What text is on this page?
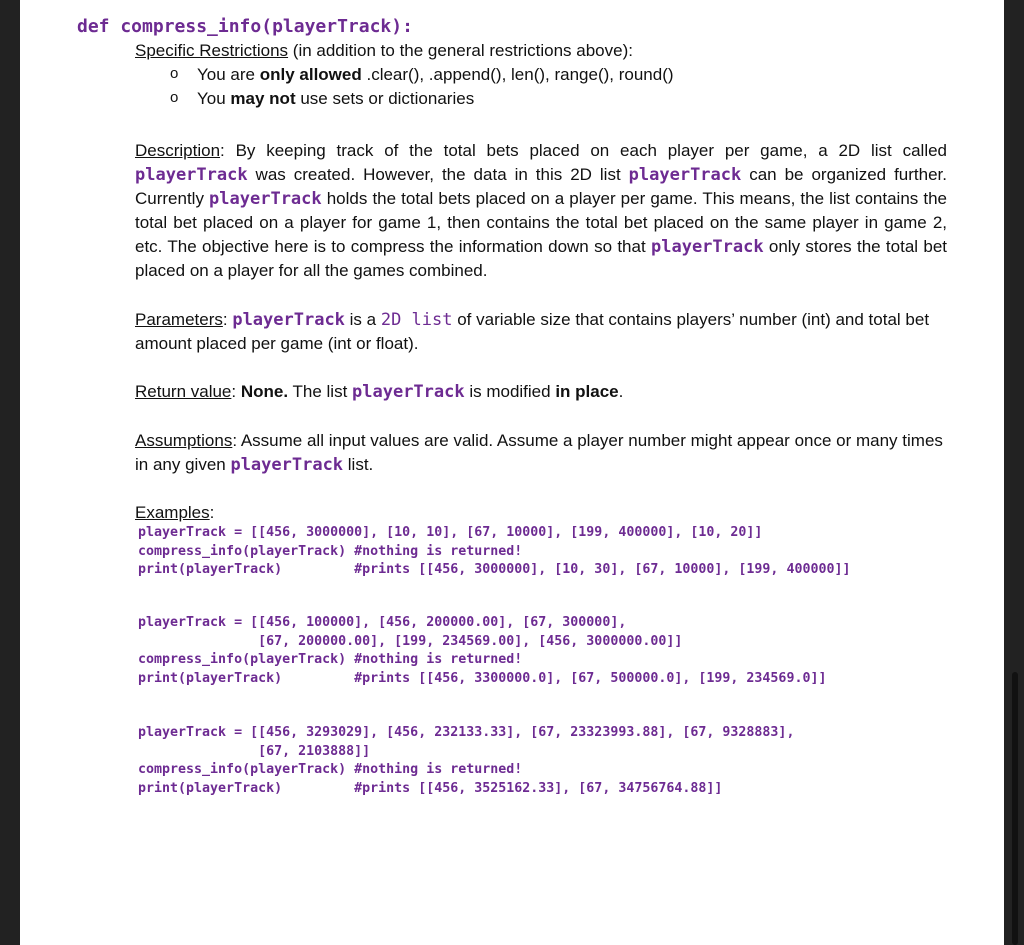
def compress_info(playerTrack):
Specific Restrictions (in addition to the general restrictions above):
o You are only allowed .clear(), .append(), len(), range(), round()
o You may not use sets or dictionaries
Description: By keeping track of the total bets placed on each player per game, a 2D list called playerTrack was created. However, the data in this 2D list playerTrack can be organized further. Currently playerTrack holds the total bets placed on a player per game. This means, the list contains the total bet placed on a player for game 1, then contains the total bet placed on the same player in game 2, etc. The objective here is to compress the information down so that playerTrack only stores the total bet placed on a player for all the games combined.
Parameters: playerTrack is a 2D list of variable size that contains players’ number (int) and total bet amount placed per game (int or float).
Return value: None. The list playerTrack is modified in place.
Assumptions: Assume all input values are valid. Assume a player number might appear once or many times in any given playerTrack list.
Examples:
playerTrack = [[456, 3000000], [10, 10], [67, 10000], [199, 400000], [10, 20]]
compress_info(playerTrack) #nothing is returned!
print(playerTrack)         #prints [[456, 3000000], [10, 30], [67, 10000], [199, 400000]]
playerTrack = [[456, 100000], [456, 200000.00], [67, 300000],
[67, 200000.00], [199, 234569.00], [456, 3000000.00]]
compress_info(playerTrack) #nothing is returned!
print(playerTrack)         #prints [[456, 3300000.0], [67, 500000.0], [199, 234569.0]]
playerTrack = [[456, 3293029], [456, 232133.33], [67, 23323993.88], [67, 9328883],
[67, 2103888]]
compress_info(playerTrack) #nothing is returned!
print(playerTrack)         #prints [[456, 3525162.33], [67, 34756764.88]]
